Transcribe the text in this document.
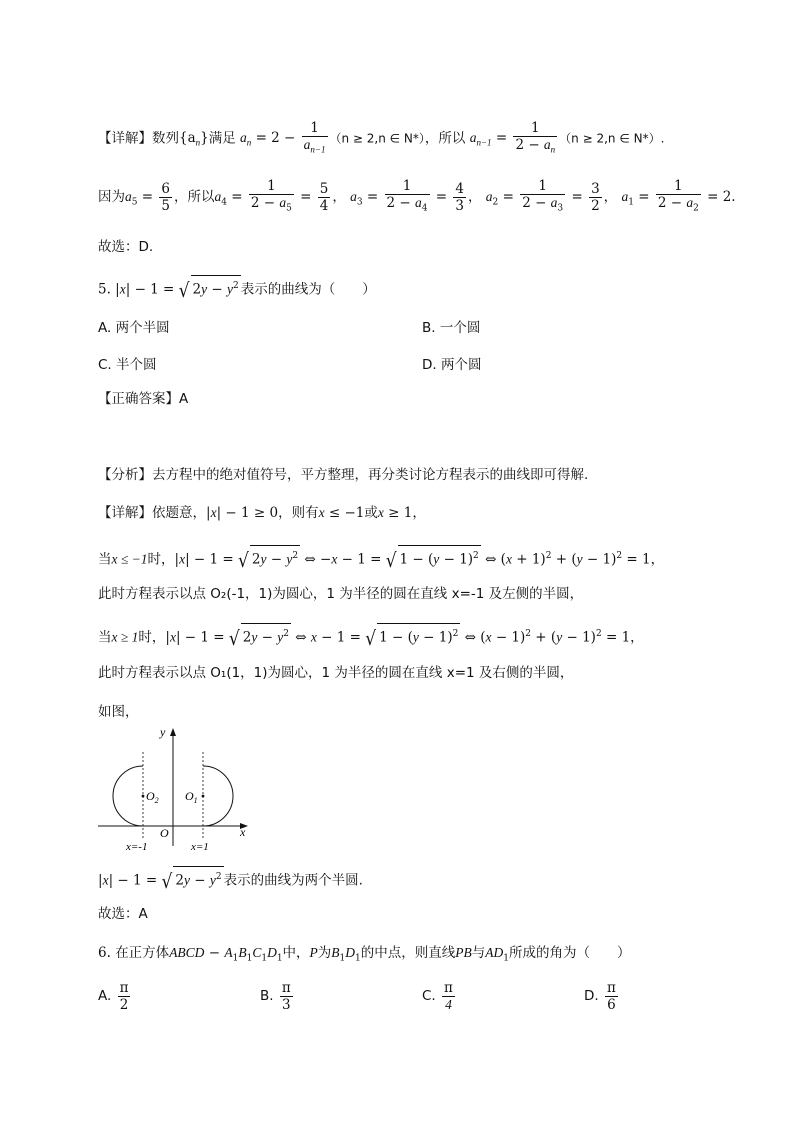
【详解】数列$\{a_n\}$满足 $a_n = 2 - \frac{1}{a_{n-1}} (n \ge 2,n$ ∈ N*），所以 $a_{n-1} = \frac{1}{2 - a_n} (n \ge 2,n$ ∈ N*）.
因为$a_5 = \frac{6}{5}$ ，所以$a_4 = \frac{1}{2 - a_5} = \frac{5}{4}$ ， $a_3 = \frac{1}{2 - a_4} = \frac{4}{3}$ ， $a_2 = \frac{1}{2 - a_3} = \frac{3}{2}$ ， $a_1 = \frac{1}{2 - a_2} = 2$.
故选：D.
5. |x| − 1 = √ $2y - y^2$ 表示的曲线为（　　）
A. 两个半圆	B. 一个圆
C. 半个圆	D. 两个圆
【正确答案】A
【分析】去方程中的绝对值符号，平方整理，再分类讨论方程表示的曲线即可得解.
【详解】依题意，|x| − 1 ≥ 0，则有x ≤ −1或x ≥ 1，
当x ≤ −1时，|x| − 1 = √ $2y - y^2$ ⇔ −x − 1 = √ $1 - (y - 1)^2$ ⇔ $(x + 1)^2 + (y - 1)^2 = 1$，
此时方程表示以点 O₂(-1，1)为圆心，1 为半径的圆在直线 x=-1 及左侧的半圆，
当x ≥ 1时，|x| − 1 = √ $2y - y^2$ ⇔ x − 1 = √ $1 - (y - 1)^2$ ⇔ $(x - 1)^2 + (y - 1)^2 = 1$，
此时方程表示以点 O₁(1，1)为圆心，1 为半径的圆在直线 x=1 及右侧的半圆，
如图，
y
x
O
$O_2$ $O_1$
x=-1	x=1
|x| − 1 = √ $2y - y^2$ 表示的曲线为两个半圆.
故选：A
6. 在正方体ABCD − $A_1B_1C_1D_1$中，P为$B_1D_1$的中点，则直线PB与$AD_1$所成的角为（　　）
A. $\frac{\pi}{2}$	B. $\frac{\pi}{3}$	C. $\frac{\pi}{4}$	D. $\frac{\pi}{6}$
